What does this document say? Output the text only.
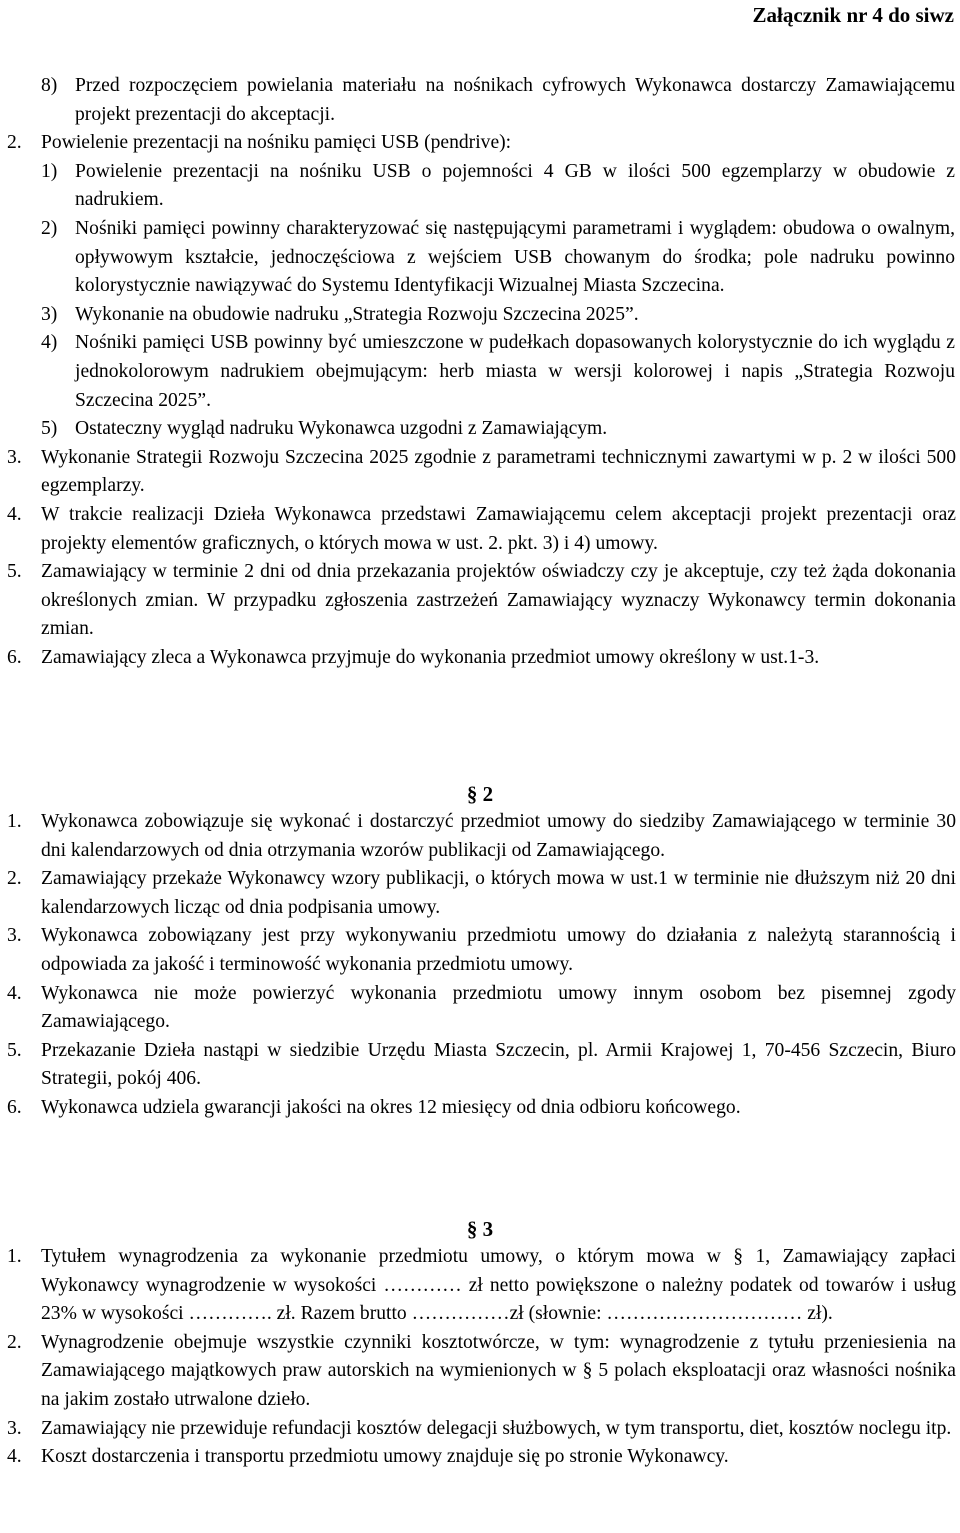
Załącznik nr 4 do siwz
8) Przed rozpoczęciem powielania materiału na nośnikach cyfrowych Wykonawca dostarczy Zamawiającemu projekt prezentacji do akceptacji.
2. Powielenie prezentacji na nośniku pamięci USB (pendrive):
1) Powielenie prezentacji na nośniku USB o pojemności 4 GB w ilości 500 egzemplarzy w obudowie z nadrukiem.
2) Nośniki pamięci powinny charakteryzować się następującymi parametrami i wyglądem: obudowa o owalnym, opływowym kształcie, jednoczęściowa z wejściem USB chowanym do środka; pole nadruku powinno kolorystycznie nawiązywać do Systemu Identyfikacji Wizualnej Miasta Szczecina.
3) Wykonanie na obudowie nadruku „Strategia Rozwoju Szczecina 2025”.
4) Nośniki pamięci USB powinny być umieszczone w pudełkach dopasowanych kolorystycznie do ich wyglądu z jednokolorowym nadrukiem obejmującym: herb miasta w wersji kolorowej i napis „Strategia Rozwoju Szczecina 2025”.
5) Ostateczny wygląd nadruku Wykonawca uzgodni z Zamawiającym.
3. Wykonanie Strategii Rozwoju Szczecina 2025 zgodnie z parametrami technicznymi zawartymi w p. 2 w ilości 500 egzemplarzy.
4. W trakcie realizacji Dzieła Wykonawca przedstawi Zamawiającemu celem akceptacji projekt prezentacji oraz projekty elementów graficznych, o których mowa w ust. 2. pkt. 3) i 4) umowy.
5. Zamawiający w terminie 2 dni od dnia przekazania projektów oświadczy czy je akceptuje, czy też żąda dokonania określonych zmian. W przypadku zgłoszenia zastrzeżeń Zamawiający wyznaczy Wykonawcy termin dokonania zmian.
6. Zamawiający zleca a Wykonawca przyjmuje do wykonania przedmiot umowy określony w ust.1-3.
§ 2
1. Wykonawca zobowiązuje się wykonać i dostarczyć przedmiot umowy do siedziby Zamawiającego w terminie 30 dni kalendarzowych od dnia otrzymania wzorów publikacji od Zamawiającego.
2. Zamawiający przekaże Wykonawcy wzory publikacji, o których mowa w ust.1 w terminie nie dłuższym niż 20 dni kalendarzowych licząc od dnia podpisania umowy.
3. Wykonawca zobowiązany jest przy wykonywaniu przedmiotu umowy do działania z należytą starannością i odpowiada za jakość i terminowość wykonania przedmiotu umowy.
4. Wykonawca nie może powierzyć wykonania przedmiotu umowy innym osobom bez pisemnej zgody Zamawiającego.
5. Przekazanie Dzieła nastąpi w siedzibie Urzędu Miasta Szczecin, pl. Armii Krajowej 1, 70-456 Szczecin, Biuro Strategii, pokój 406.
6. Wykonawca udziela gwarancji jakości na okres 12 miesięcy od dnia odbioru końcowego.
§ 3
1. Tytułem wynagrodzenia za wykonanie przedmiotu umowy, o którym mowa w § 1, Zamawiający zapłaci Wykonawcy wynagrodzenie w wysokości ………… zł netto powiększone o należny podatek od towarów i usług 23% w wysokości …………. zł. Razem brutto ……………zł (słownie: ………………………… zł).
2. Wynagrodzenie obejmuje wszystkie czynniki kosztotwórcze, w tym: wynagrodzenie z tytułu przeniesienia na Zamawiającego majątkowych praw autorskich na wymienionych w § 5 polach eksploatacji oraz własności nośnika na jakim zostało utrwalone dzieło.
3. Zamawiający nie przewiduje refundacji kosztów delegacji służbowych, w tym transportu, diet, kosztów noclegu itp.
4. Koszt dostarczenia i transportu przedmiotu umowy znajduje się po stronie Wykonawcy.
